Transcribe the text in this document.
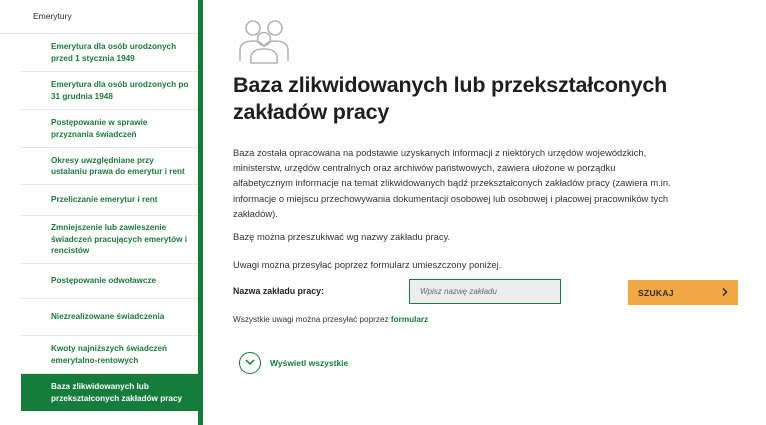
Emerytury
Emerytura dla osób urodzonych przed 1 stycznia 1949
Emerytura dla osób urodzonych po 31 grudnia 1948
Postępowanie w sprawie przyznania świadczeń
Okresy uwzględniane przy ustalaniu prawa do emerytur i rent
Przeliczanie emerytur i rent
Zmniejszenie lub zawieszenie świadczeń pracujących emerytów i rencistów
Postępowanie odwoławcze
Niezrealizowane świadczenia
Kwoty najniższych świadczeń emerytalno-rentowych
Baza zlikwidowanych lub przekształconych zakładów pracy
Baza zlikwidowanych lub przekształconych zakładów pracy

Baza została opracowana na podstawie uzyskanych informacji z niektórych urzędów wojewódzkich, ministerstw, urzędów centralnych oraz archiwów państwowych, zawiera ułożone w porządku alfabetycznym informacje na temat zlikwidowanych bądź przekształconych zakładów pracy (zawiera m.in. informacje o miejscu przechowywania dokumentacji osobowej lub osobowej i płacowej pracowników tych zakładów).

Bazę można przeszukiwać wg nazwy zakładu pracy.

Uwagi można przesyłać poprzez formularz umieszczony poniżej.

Nazwa zakładu pracy:
Wpisz nazwę zakładu	SZUKAJ
Wszystkie uwagi można przesyłać poprzez formularz
Wyświetl wszystkie
